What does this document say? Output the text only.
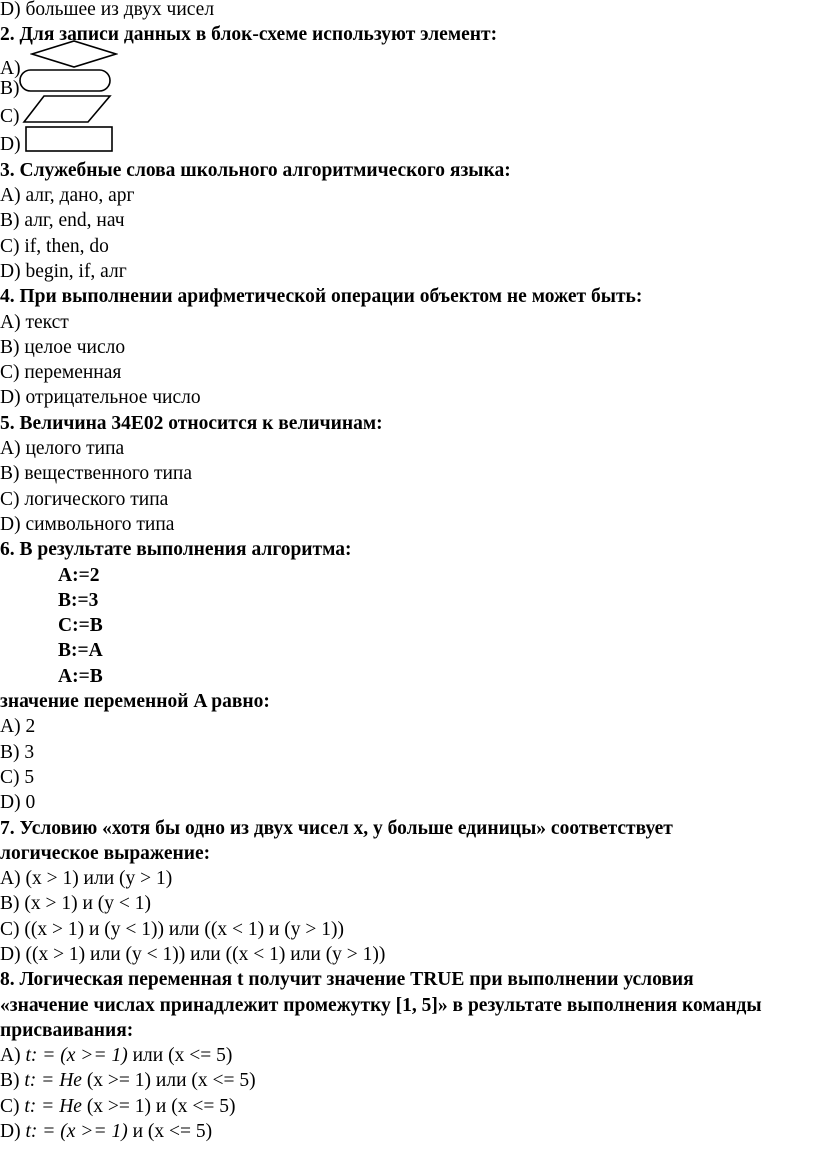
D) большее из двух чисел
2. Для записи данных в блок-схеме используют элемент:
A)
B)
C)
D)
3. Служебные слова школьного алгоритмического языка:
A) алг, дано, арг
B) алг, end, нач
C) if, then, do
D) begin, if, алг
4. При выполнении арифметической операции объектом не может быть:
A) текст
B) целое число
C) переменная
D) отрицательное число
5. Величина 34E02 относится к величинам:
A) целого типа
B) вещественного типа
C) логического типа
D) символьного типа
6. В результате выполнения алгоритма:
A:=2
B:=3
C:=B
B:=A
A:=B
значение переменной A равно:
A) 2
B) 3
C) 5
D) 0
7. Условию «хотя бы одно из двух чисел x, y больше единицы» соответствует
логическое выражение:
A) (x > 1) или (y > 1)
B) (x > 1) и (y < 1)
C) ((x > 1) и (y < 1)) или ((x < 1) и (y > 1))
D) ((x > 1) или (y < 1)) или ((x < 1) или (y > 1))
8. Логическая переменная t получит значение TRUE при выполнении условия
«значение числах принадлежит промежутку [1, 5]» в результате выполнения команды
присваивания:
A) t: = (x >= 1) или (x <= 5)
B) t: = Не (x >= 1) или (x <= 5)
C) t: = Не (x >= 1) и (x <= 5)
D) t: = (x >= 1) и (x <= 5)
